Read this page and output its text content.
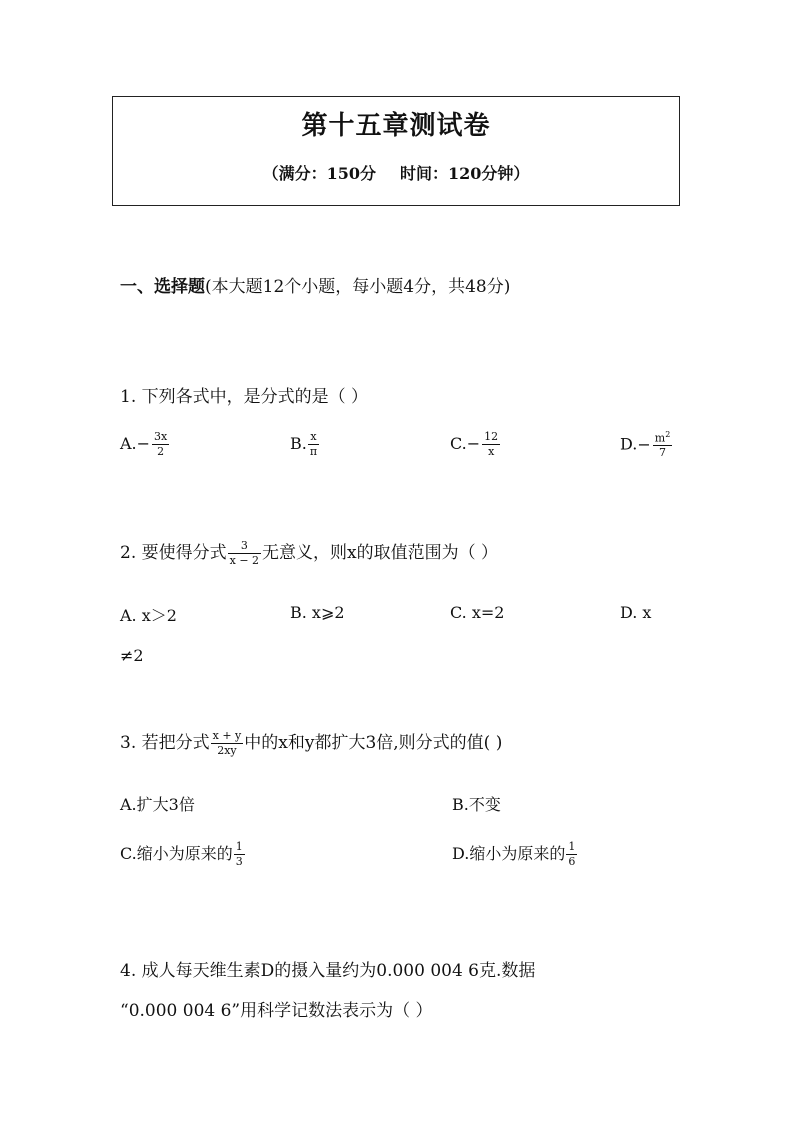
第十五章测试卷
（满分：150分 时间：120分钟）
一、选择题(本大题12个小题，每小题4分，共48分)
1. 下列各式中，是分式的是（ ）
$A.- \frac{3x}{2}$	B. $\frac{x}{\pi}$	$C.- \frac{12}{x}$	$D.- \frac{m^2}{7}$
2. 要使得分式 $\frac{3}{x - 2}$ 无意义，则x的取值范围为（ ）
A. x＞2	B. x⩾2	C. x=2	D. x
≠2
3. 若把分式 $\frac{x + y}{2xy}$ 中的x和y都扩大3倍,则分式的值( )
A.扩大3倍	B.不变
C.缩小为原来的 $\frac{1}{3}$	D.缩小为原来的 $\frac{1}{6}$
4. 成人每天维生素D的摄入量约为0.000 004 6克.数据
“0.000 004 6”用科学记数法表示为（ ）
